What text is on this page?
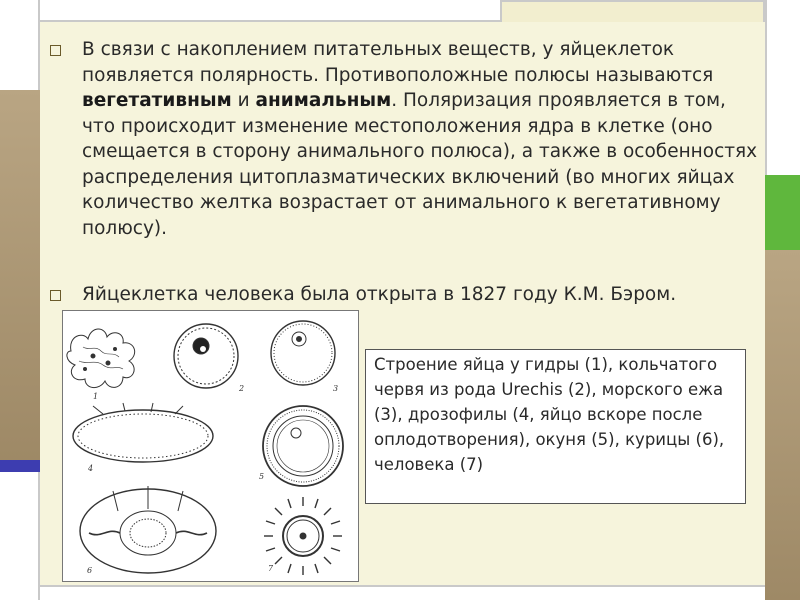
В связи с накоплением питательных веществ, у яйцеклеток появляется полярность. Противоположные полюсы называются вегетативным и анимальным. Поляризация проявляется в том, что происходит изменение местоположения ядра в клетке (оно смещается в сторону анимального полюса), а также в особенностях распределения цитоплазматических включений (во многих яйцах количество желтка возрастает от анимального к вегетативному полюсу).
Яйцеклетка человека была открыта в 1827 году К.М. Бэром.
1
2	3
4
5
6	7
Строение яйца у гидры (1), кольчатого червя из рода Urechis (2), морского ежа (3), дрозофилы (4, яйцо вскоре после оплодотворения), окуня (5), курицы (6), человека (7)
